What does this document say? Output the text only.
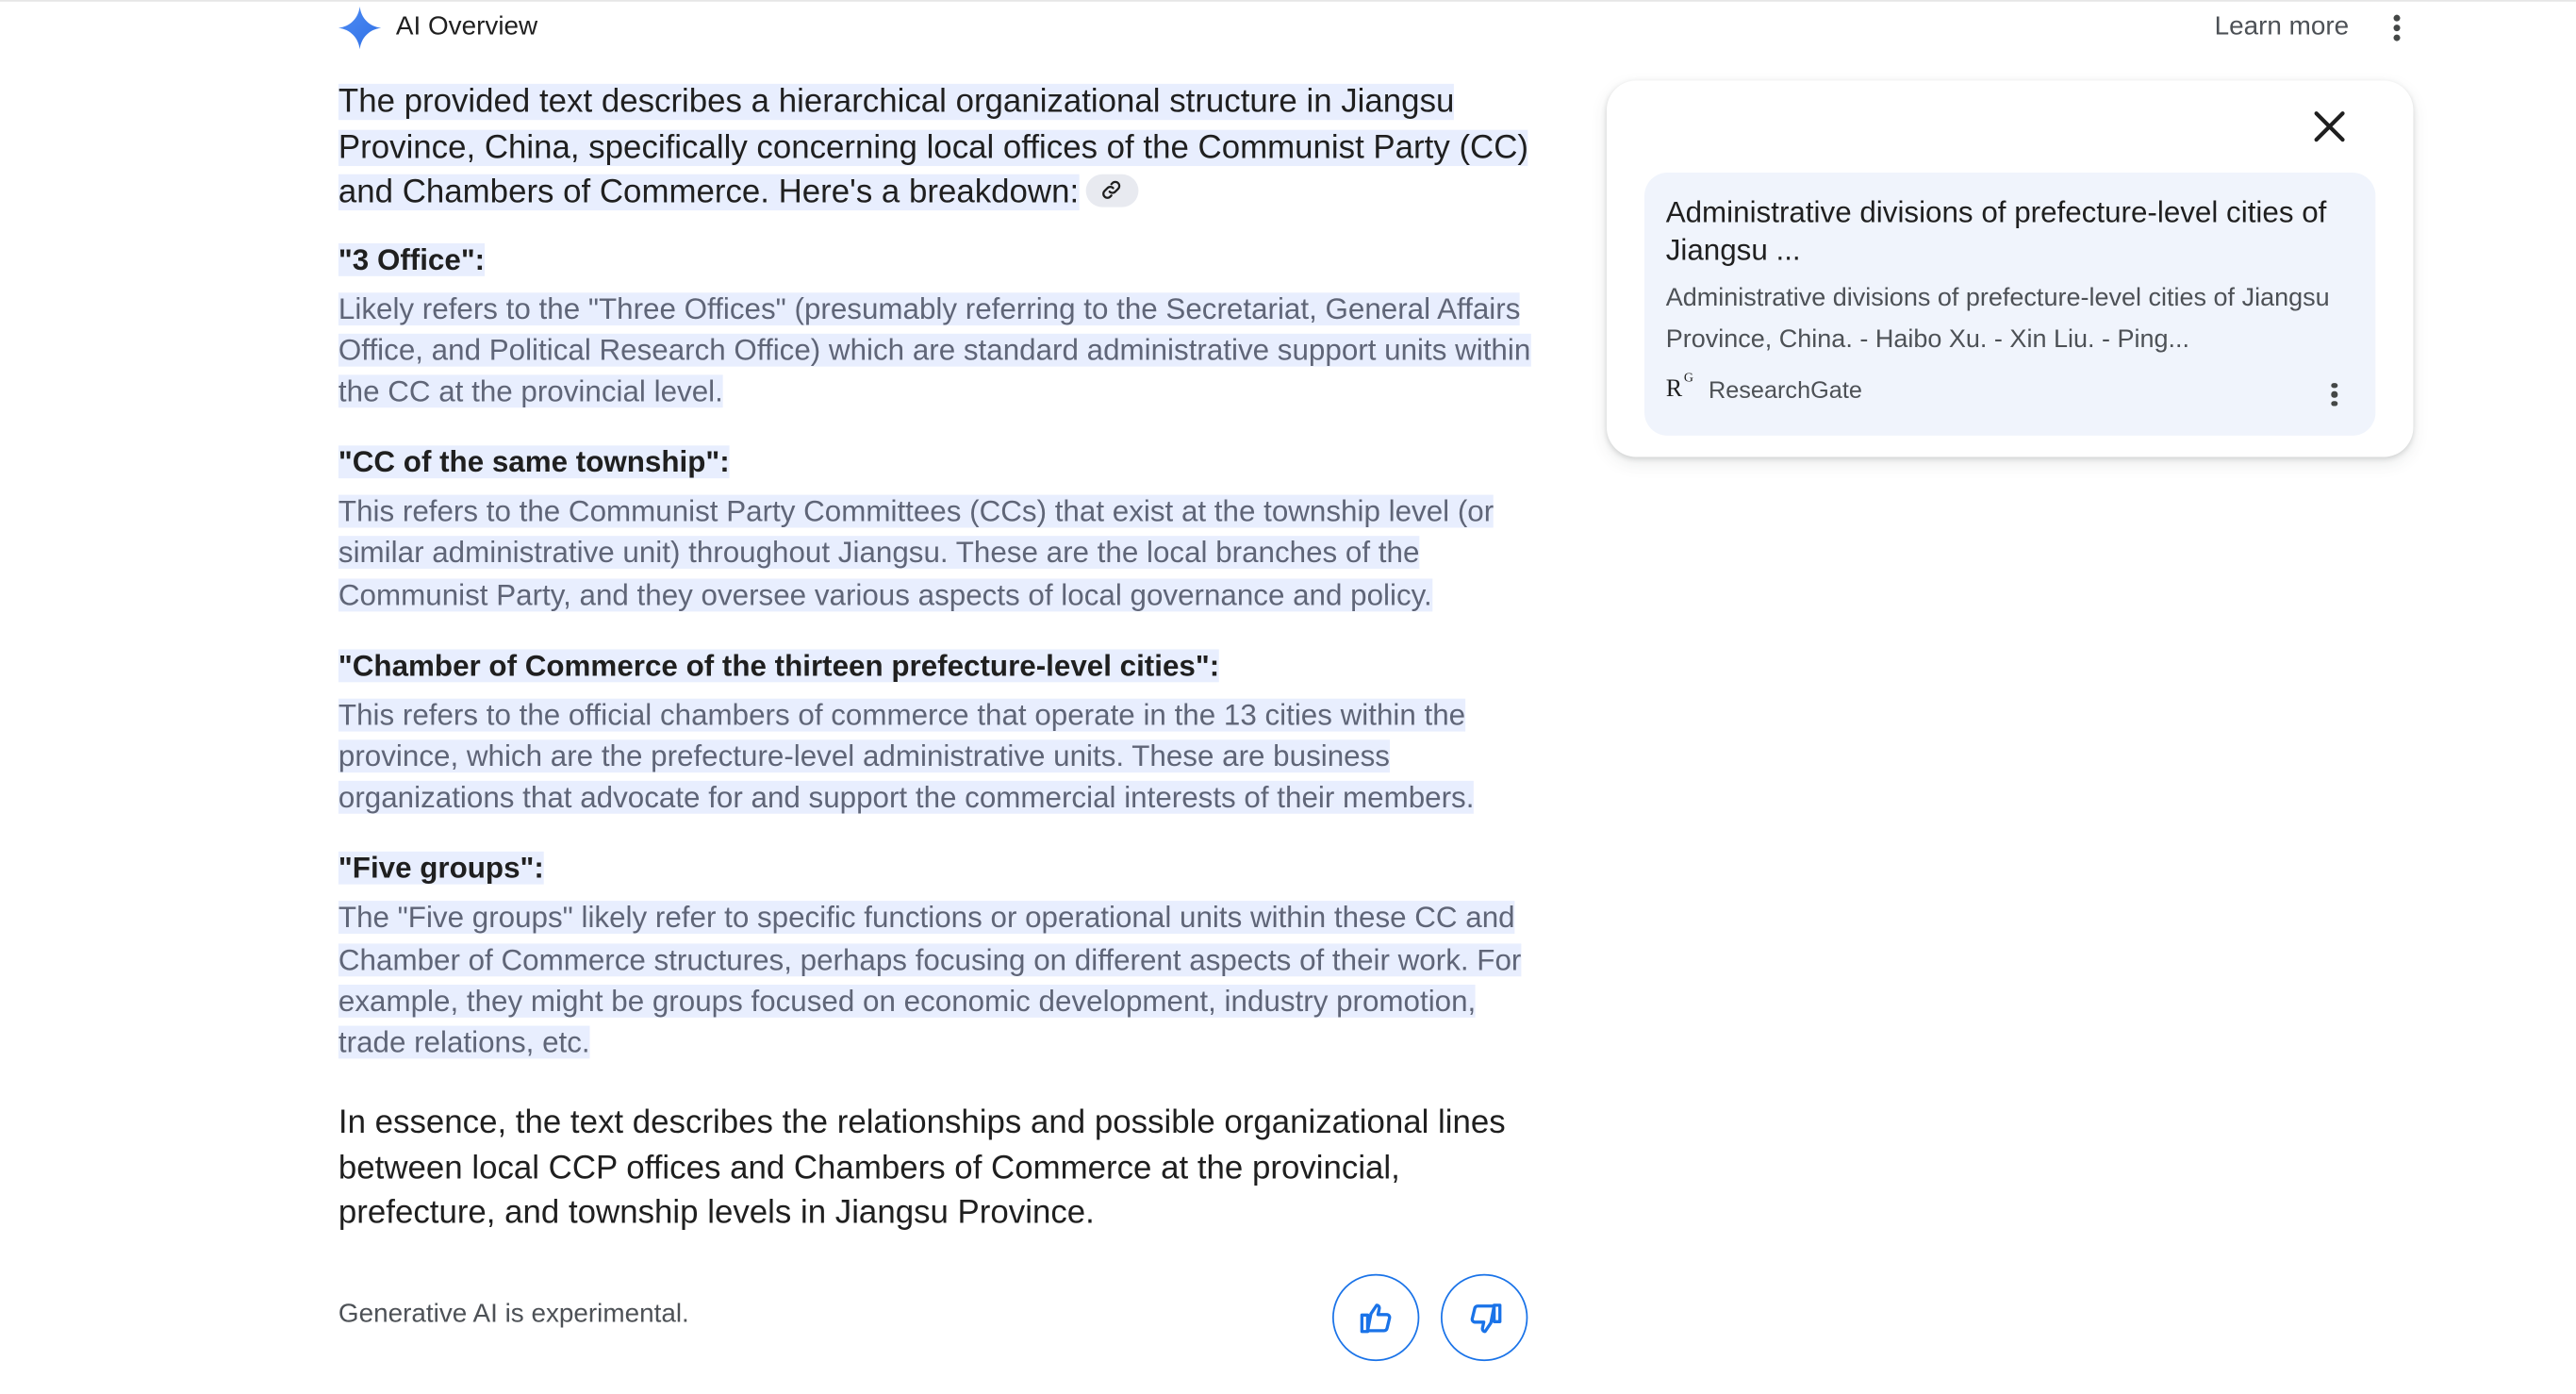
AI Overview	Learn more

The provided text describes a hierarchical organizational structure in Jiangsu Province, China, specifically concerning local offices of the Communist Party (CC) and Chambers of Commerce. Here's a breakdown:

"3 Office":

Likely refers to the "Three Offices" (presumably referring to the Secretariat, General Affairs Office, and Political Research Office) which are standard administrative support units within the CC at the provincial level.

"CC of the same township":

This refers to the Communist Party Committees (CCs) that exist at the township level (or similar administrative unit) throughout Jiangsu. These are the local branches of the Communist Party, and they oversee various aspects of local governance and policy.

"Chamber of Commerce of the thirteen prefecture-level cities":

This refers to the official chambers of commerce that operate in the 13 cities within the province, which are the prefecture-level administrative units. These are business organizations that advocate for and support the commercial interests of their members.

"Five groups":

The "Five groups" likely refer to specific functions or operational units within these CC and Chamber of Commerce structures, perhaps focusing on different aspects of their work. For example, they might be groups focused on economic development, industry promotion, trade relations, etc.

In essence, the text describes the relationships and possible organizational lines between local CCP offices and Chambers of Commerce at the provincial, prefecture, and township levels in Jiangsu Province.

Generative AI is experimental.
Administrative divisions of prefecture-level cities of Jiangsu ...
Administrative divisions of prefecture-level cities of Jiangsu Province, China. - Haibo Xu. - Xin Liu. - Ping...
R G ResearchGate
